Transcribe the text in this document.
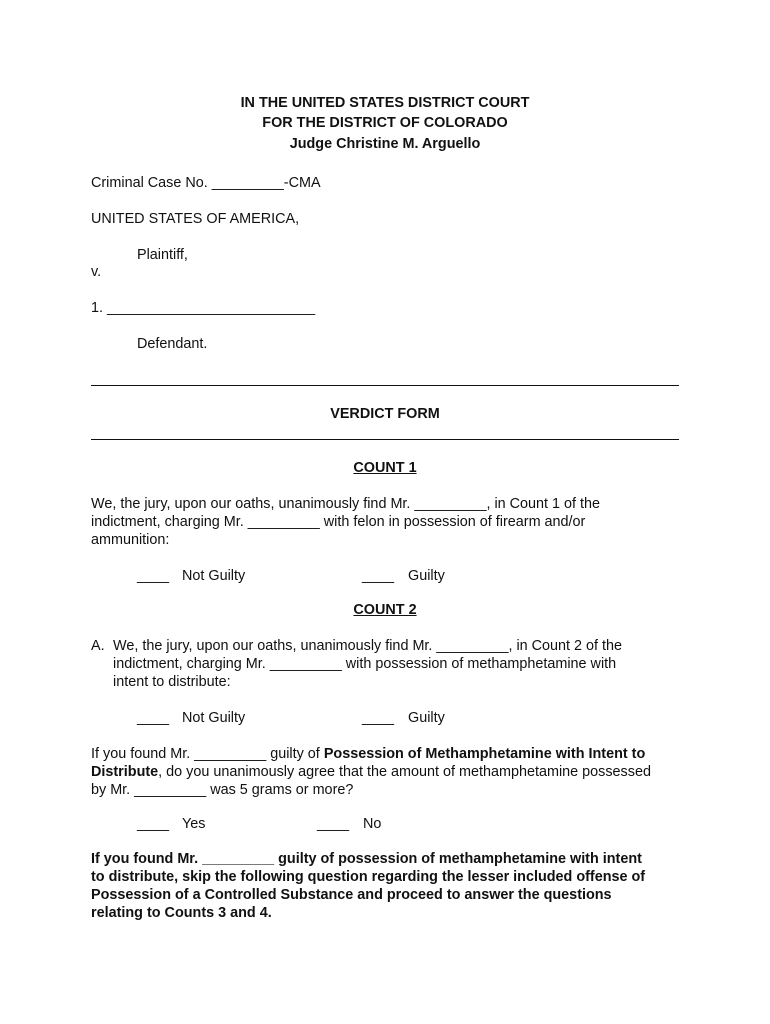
IN THE UNITED STATES DISTRICT COURT
FOR THE DISTRICT OF COLORADO
Judge Christine M. Arguello
Criminal Case No. _________-CMA
UNITED STATES OF AMERICA,
Plaintiff,
v.
1. __________________________
Defendant.
VERDICT FORM
COUNT 1
We, the jury, upon our oaths, unanimously find Mr. _________, in Count 1 of the
indictment, charging Mr. _________ with felon in possession of firearm and/or
ammunition:
____ Not Guilty	____ Guilty
COUNT 2
A. We, the jury, upon our oaths, unanimously find Mr. _________, in Count 2 of the
indictment, charging Mr. _________ with possession of methamphetamine with
intent to distribute:
____ Not Guilty	____ Guilty
If you found Mr. _________ guilty of Possession of Methamphetamine with Intent to
Distribute, do you unanimously agree that the amount of methamphetamine possessed
by Mr. _________ was 5 grams or more?
____ Yes	____ No
If you found Mr. _________ guilty of possession of methamphetamine with intent
to distribute, skip the following question regarding the lesser included offense of
Possession of a Controlled Substance and proceed to answer the questions
relating to Counts 3 and 4.
